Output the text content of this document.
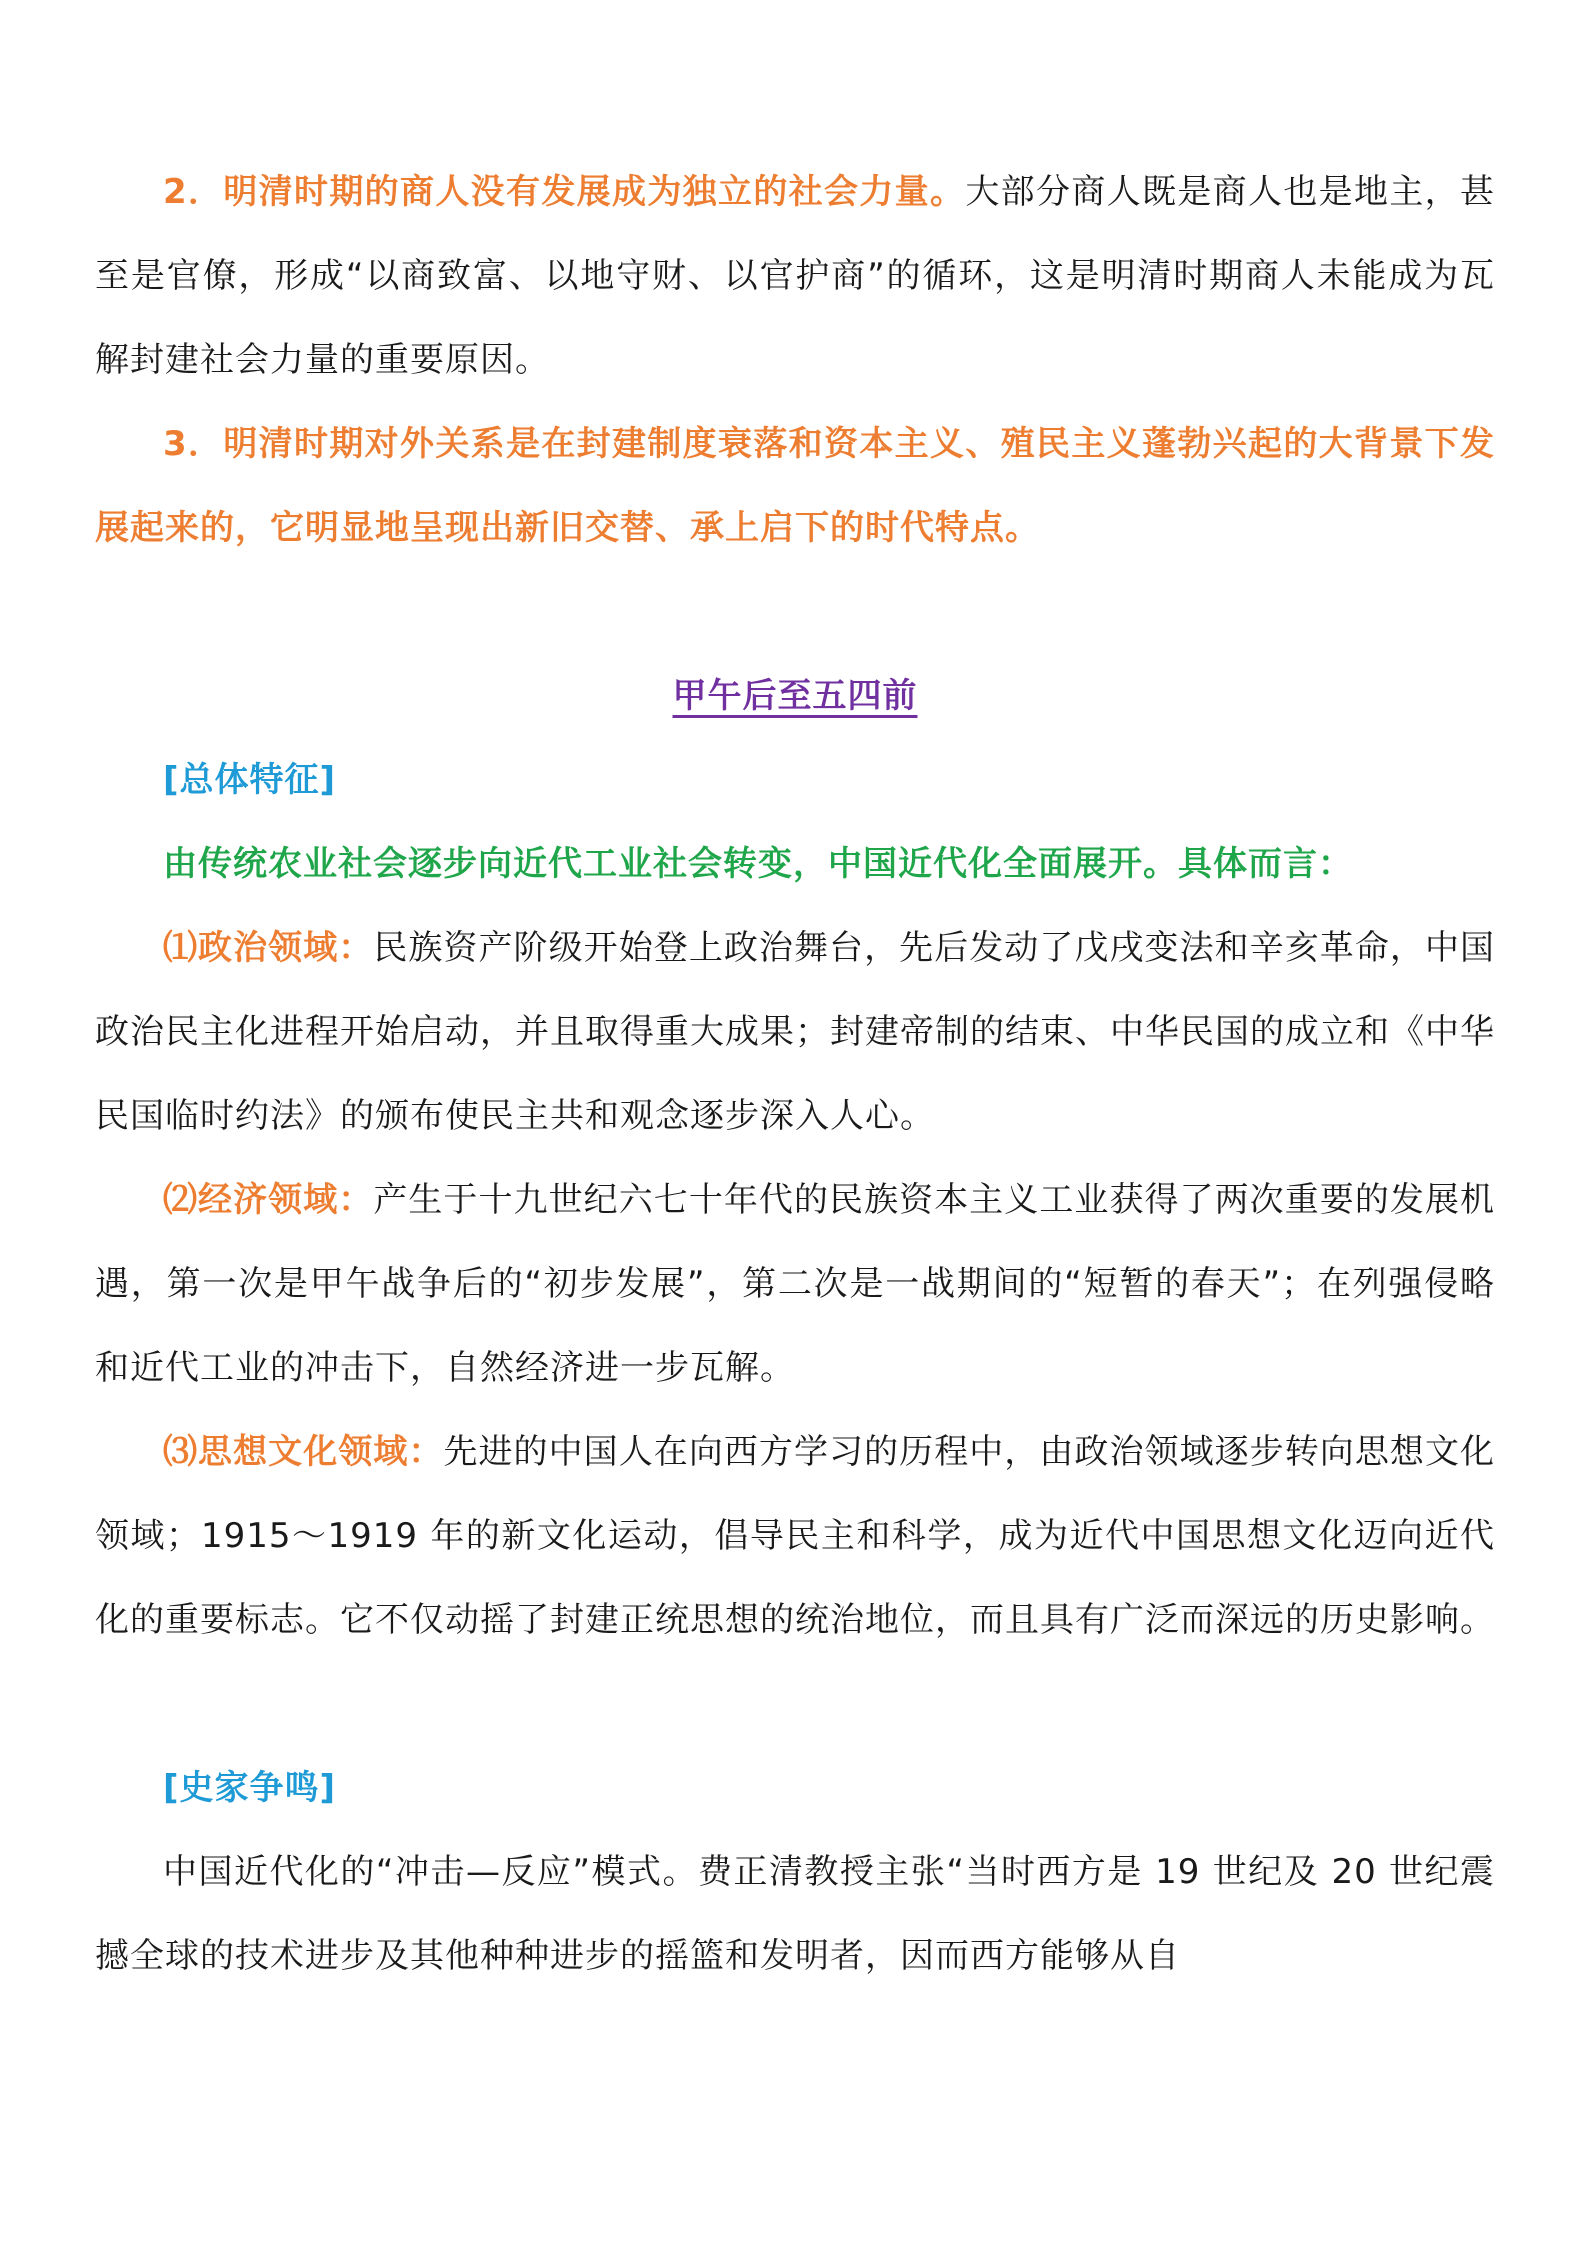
2．明清时期的商人没有发展成为独立的社会力量。大部分商人既是商人也是地主，甚至是官僚，形成“以商致富、以地守财、以官护商”的循环，这是明清时期商人未能成为瓦解封建社会力量的重要原因。

3．明清时期对外关系是在封建制度衰落和资本主义、殖民主义蓬勃兴起的大背景下发展起来的，它明显地呈现出新旧交替、承上启下的时代特点。

甲午后至五四前

[总体特征]

由传统农业社会逐步向近代工业社会转变，中国近代化全面展开。具体而言：

⑴政治领域：民族资产阶级开始登上政治舞台，先后发动了戊戌变法和辛亥革命，中国政治民主化进程开始启动，并且取得重大成果；封建帝制的结束、中华民国的成立和《中华民国临时约法》的颁布使民主共和观念逐步深入人心。

⑵经济领域：产生于十九世纪六七十年代的民族资本主义工业获得了两次重要的发展机遇，第一次是甲午战争后的“初步发展”，第二次是一战期间的“短暂的春天”；在列强侵略和近代工业的冲击下，自然经济进一步瓦解。

⑶思想文化领域：先进的中国人在向西方学习的历程中，由政治领域逐步转向思想文化领域；1915～1919 年的新文化运动，倡导民主和科学，成为近代中国思想文化迈向近代化的重要标志。它不仅动摇了封建正统思想的统治地位，而且具有广泛而深远的历史影响。

[史家争鸣]

中国近代化的“冲击—反应”模式。费正清教授主张“当时西方是 19 世纪及 20 世纪震撼全球的技术进步及其他种种进步的摇篮和发明者，因而西方能够从自
